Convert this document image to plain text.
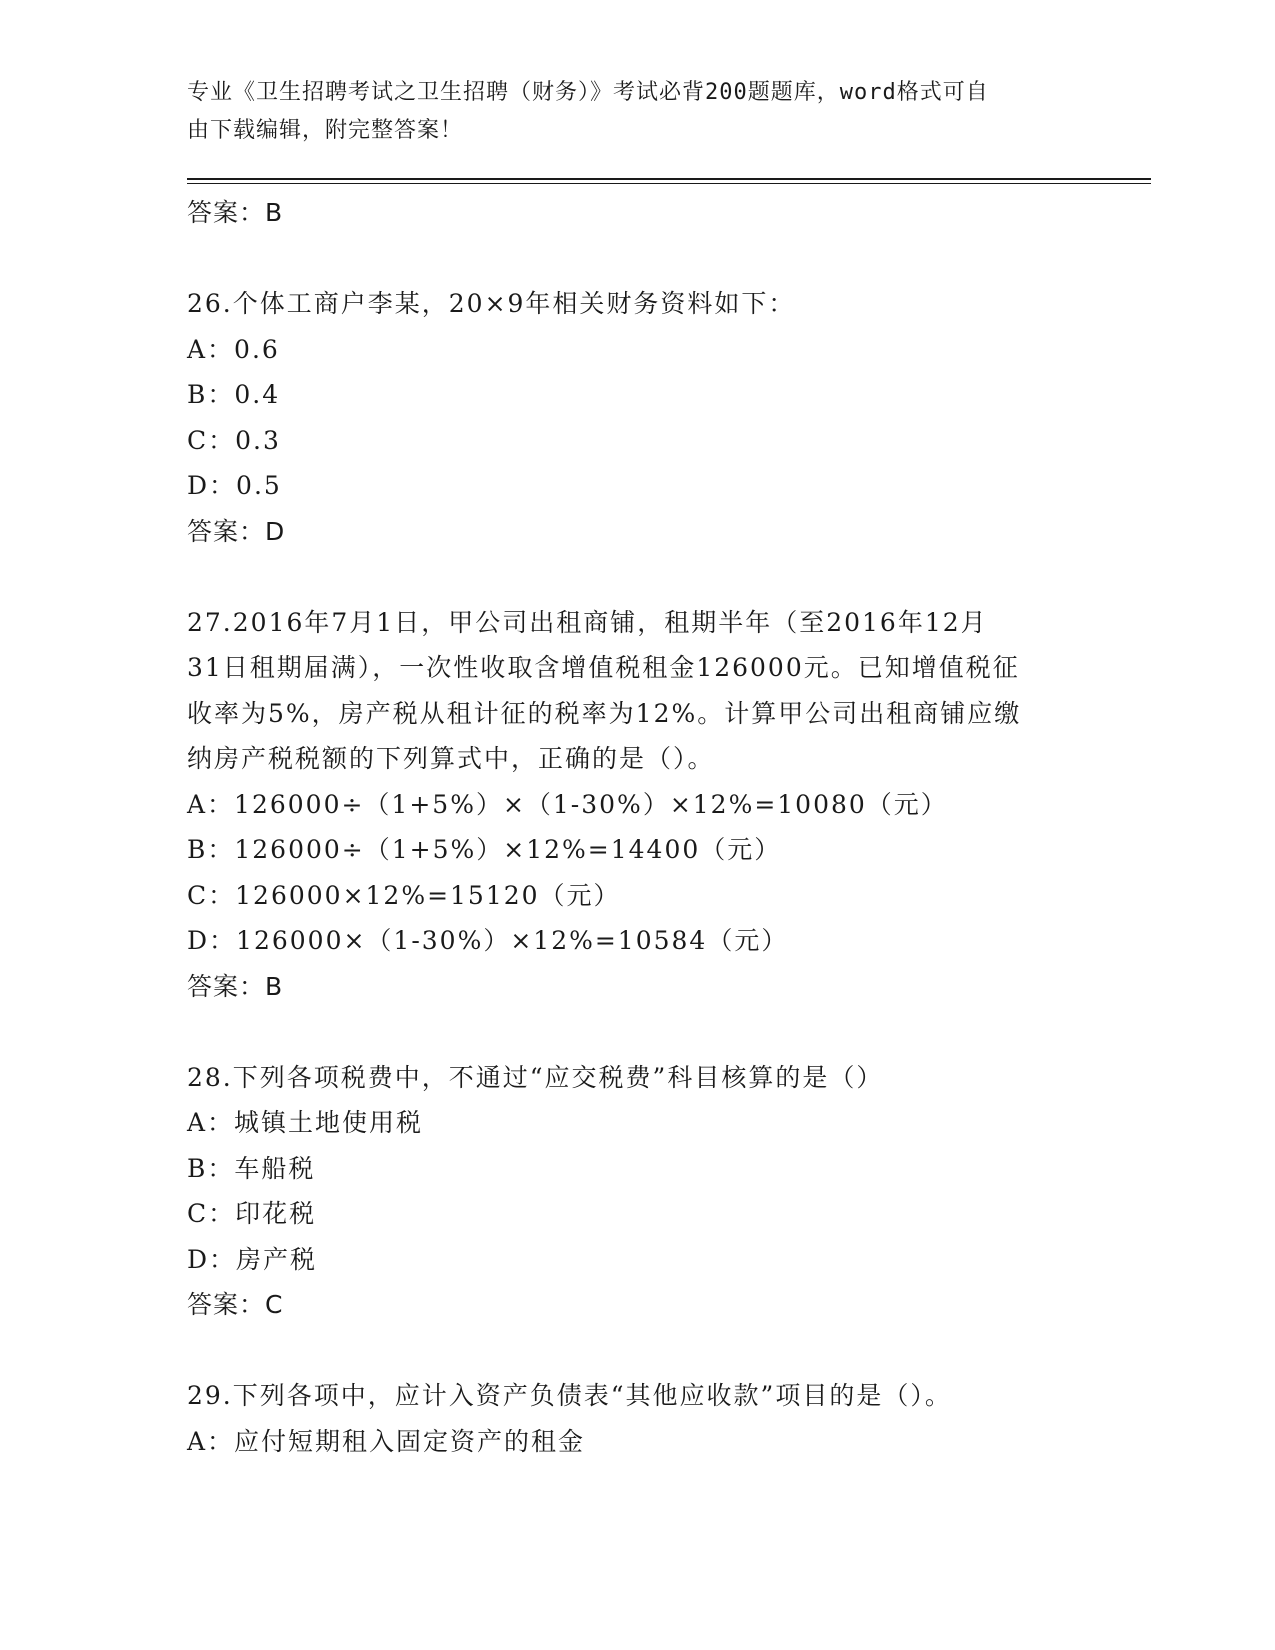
专业《卫生招聘考试之卫生招聘（财务）》考试必背200题题库，word格式可自
由下载编辑，附完整答案！
答案：B
26.个体工商户李某，20×9年相关财务资料如下：
A：0.6
B：0.4
C：0.3
D：0.5
答案：D
27.2016年7月1日，甲公司出租商铺，租期半年（至2016年12月
31日租期届满），一次性收取含增值税租金126000元。已知增值税征
收率为5%，房产税从租计征的税率为12%。计算甲公司出租商铺应缴
纳房产税税额的下列算式中，正确的是（）。
A：126000÷（1+5%）×（1-30%）×12%=10080（元）
B：126000÷（1+5%）×12%=14400（元）
C：126000×12%=15120（元）
D：126000×（1-30%）×12%=10584（元）
答案：B
28.下列各项税费中，不通过“应交税费”科目核算的是（）
A：城镇土地使用税
B：车船税
C：印花税
D：房产税
答案：C
29.下列各项中，应计入资产负债表“其他应收款”项目的是（）。
A：应付短期租入固定资产的租金
